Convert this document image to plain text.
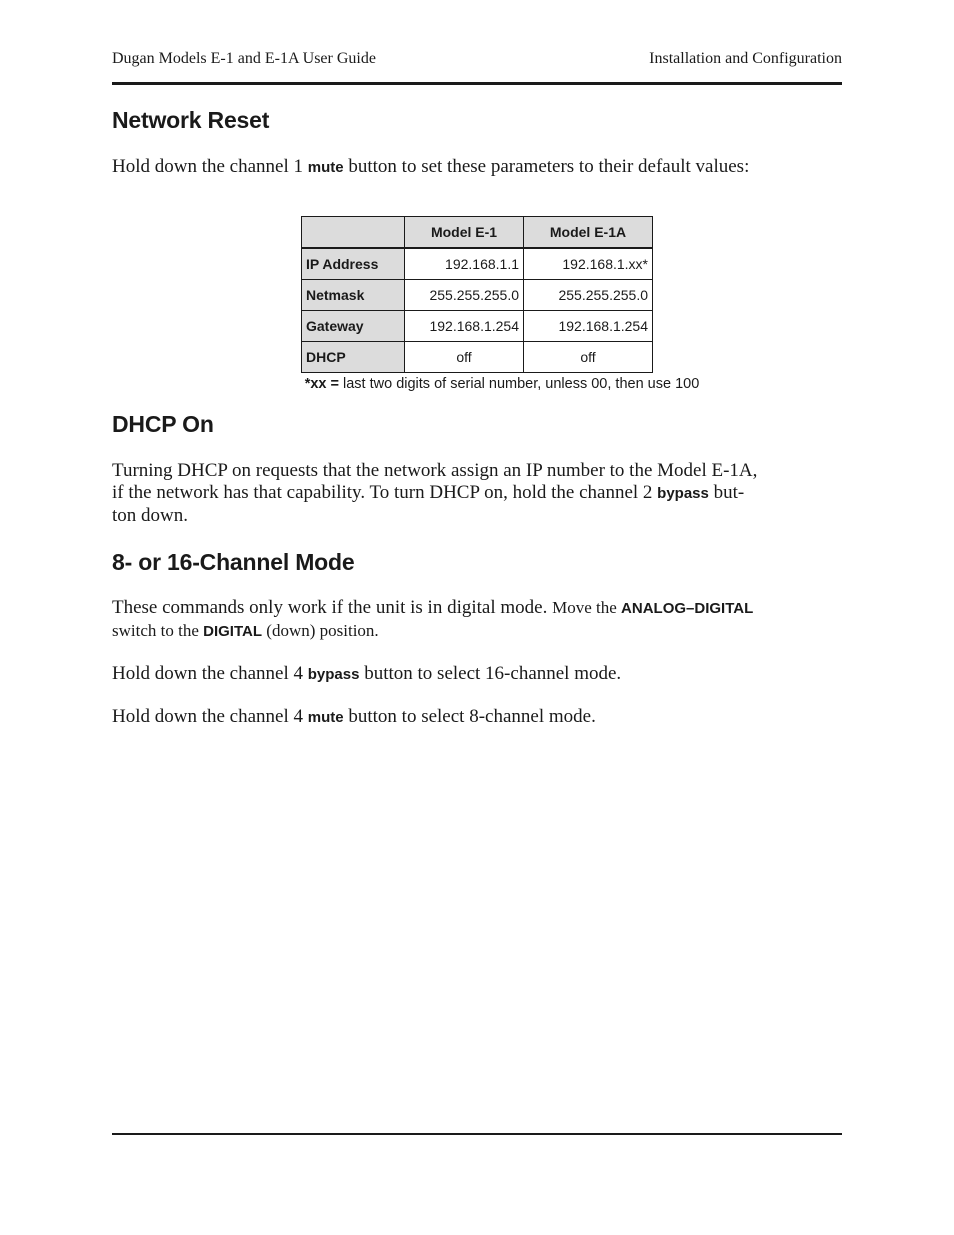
Dugan Models E-1 and E-1A User Guide	Installation and Configuration
Network Reset

Hold down the channel 1 mute button to set these parameters to their default values:

	Model E-1	Model E-1A
IP Address	192.168.1.1	192.168.1.xx*
Netmask	255.255.255.0	255.255.255.0
Gateway	192.168.1.254	192.168.1.254
DHCP	off	off
*xx = last two digits of serial number, unless 00, then use 100
DHCP On

Turning DHCP on requests that the network assign an IP number to the Model E-1A,
if the network has that capability. To turn DHCP on, hold the channel 2 bypass but-
ton down.

8- or 16-Channel Mode

These commands only work if the unit is in digital mode. Move the ANALOG–DIGITAL
switch to the DIGITAL (down) position.

Hold down the channel 4 bypass button to select 16-channel mode.

Hold down the channel 4 mute button to select 8-channel mode.
